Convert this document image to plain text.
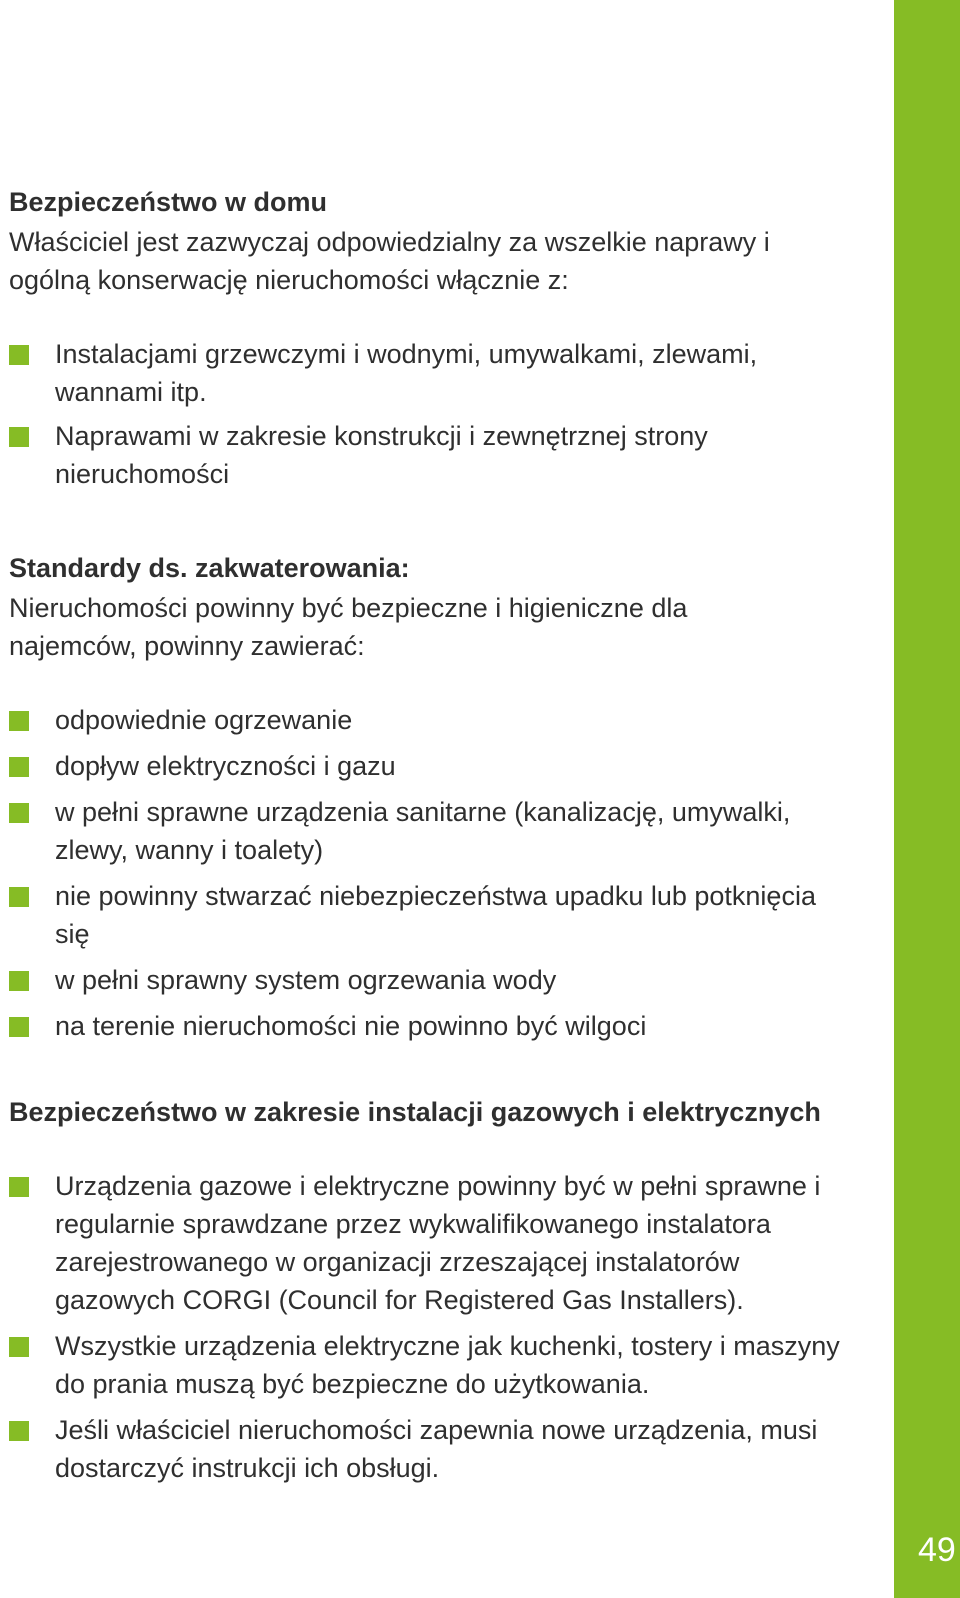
49
Bezpieczeństwo w domu

Właściciel jest zazwyczaj odpowiedzialny za wszelkie naprawy i ogólną konserwację nieruchomości włącznie z:

Instalacjami grzewczymi i wodnymi, umywalkami, zlewami, wannami itp.
Naprawami w zakresie konstrukcji i zewnętrznej strony nieruchomości
Standardy ds. zakwaterowania:

Nieruchomości powinny być bezpieczne i higieniczne dla najemców, powinny zawierać:

odpowiednie ogrzewanie
dopływ elektryczności i gazu
w pełni sprawne urządzenia sanitarne (kanalizację, umywalki, zlewy, wanny i toalety)
nie powinny stwarzać niebezpieczeństwa upadku lub potknięcia się
w pełni sprawny system ogrzewania wody
na terenie nieruchomości nie powinno być wilgoci
Bezpieczeństwo w zakresie instalacji gazowych i elektrycznych
Urządzenia gazowe i elektryczne powinny być w pełni sprawne i regularnie sprawdzane przez wykwalifikowanego instalatora zarejestrowanego w organizacji zrzeszającej instalatorów gazowych CORGI (Council for Registered Gas Installers).
Wszystkie urządzenia elektryczne jak kuchenki, tostery i maszyny do prania muszą być bezpieczne do użytkowania.
Jeśli właściciel nieruchomości zapewnia nowe urządzenia, musi dostarczyć instrukcji ich obsługi.
